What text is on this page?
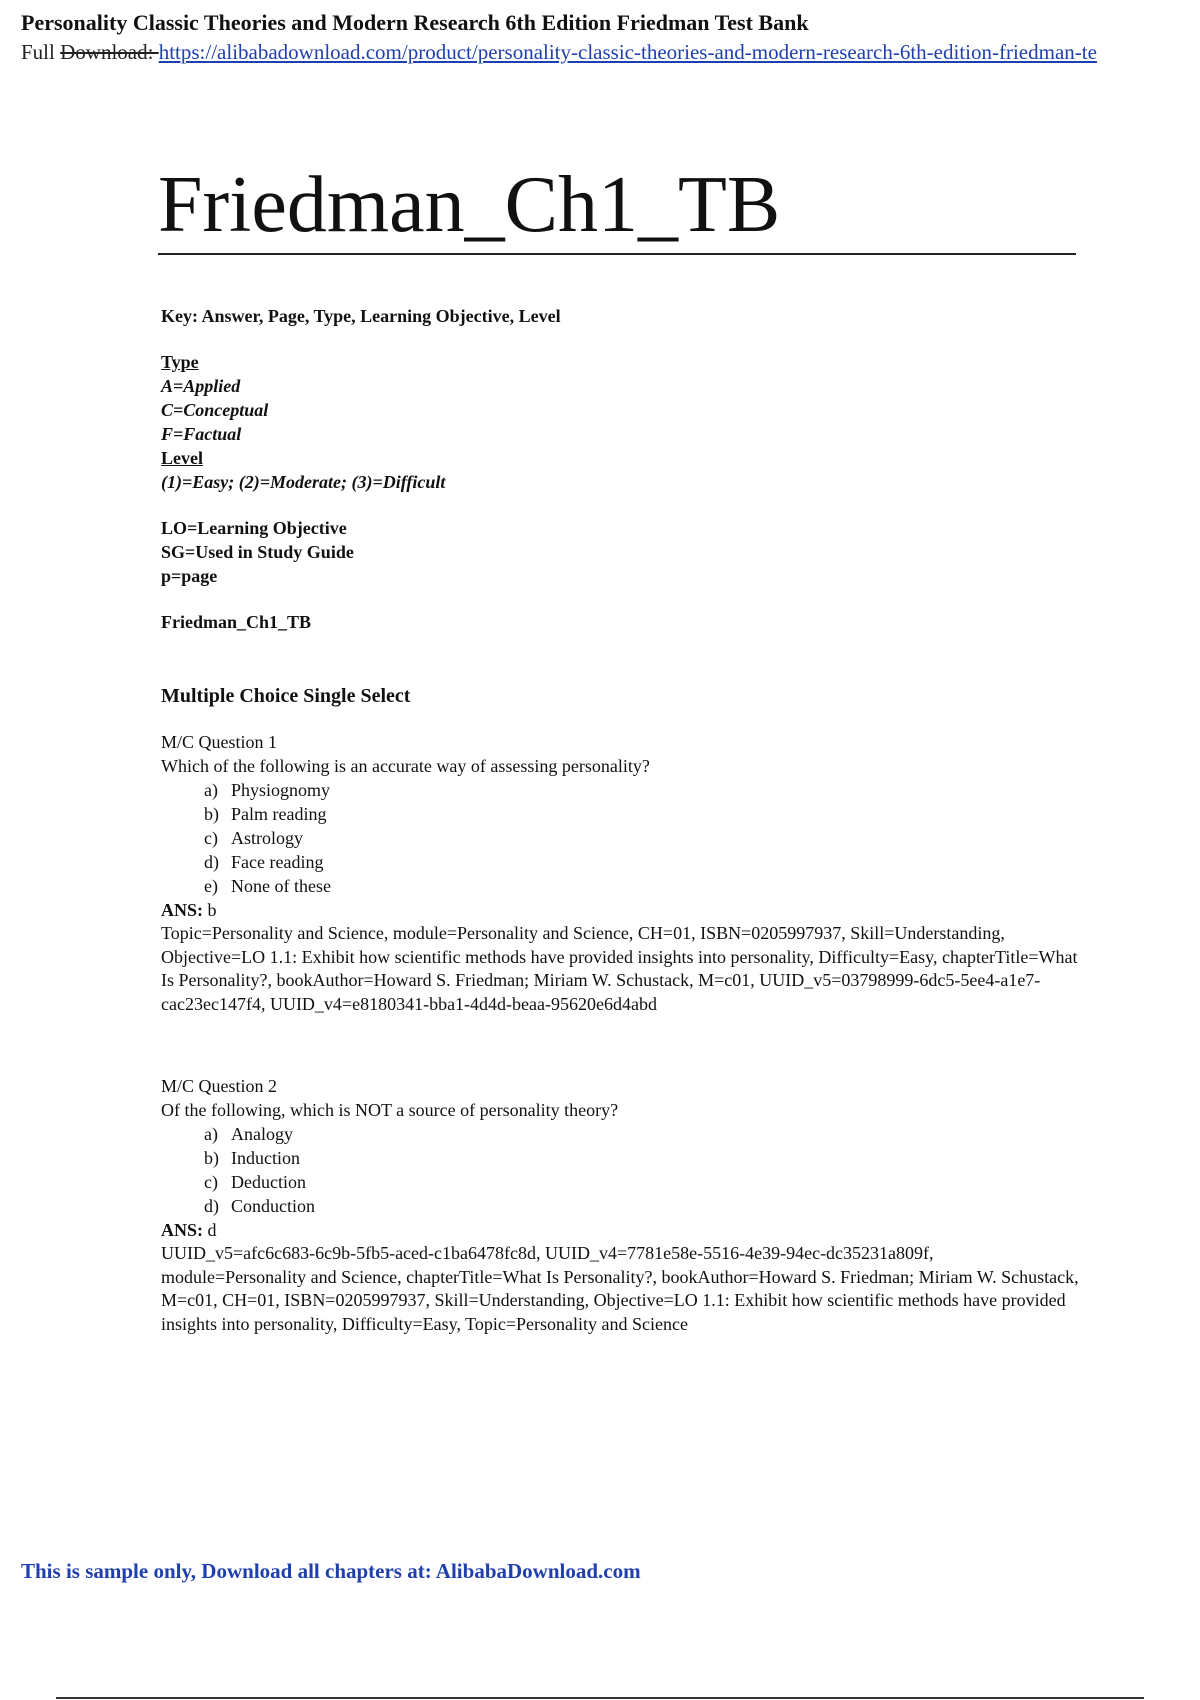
Personality Classic Theories and Modern Research 6th Edition Friedman Test Bank
Full Download: https://alibabadownload.com/product/personality-classic-theories-and-modern-research-6th-edition-friedman-te
Friedman_Ch1_TB
Key: Answer, Page, Type, Learning Objective, Level
Type
A=Applied
C=Conceptual
F=Factual
Level
(1)=Easy; (2)=Moderate; (3)=Difficult
LO=Learning Objective
SG=Used in Study Guide
p=page
Friedman_Ch1_TB
Multiple Choice Single Select
M/C Question 1
Which of the following is an accurate way of assessing personality?
a) Physiognomy
b) Palm reading
c) Astrology
d) Face reading
e) None of these
ANS: b
Topic=Personality and Science, module=Personality and Science, CH=01, ISBN=0205997937, Skill=Understanding, Objective=LO 1.1: Exhibit how scientific methods have provided insights into personality, Difficulty=Easy, chapterTitle=What Is Personality?, bookAuthor=Howard S. Friedman; Miriam W. Schustack, M=c01, UUID_v5=03798999-6dc5-5ee4-a1e7-cac23ec147f4, UUID_v4=e8180341-bba1-4d4d-beaa-95620e6d4abd
M/C Question 2
Of the following, which is NOT a source of personality theory?
a) Analogy
b) Induction
c) Deduction
d) Conduction
ANS: d
UUID_v5=afc6c683-6c9b-5fb5-aced-c1ba6478fc8d, UUID_v4=7781e58e-5516-4e39-94ec-dc35231a809f, module=Personality and Science, chapterTitle=What Is Personality?, bookAuthor=Howard S. Friedman; Miriam W. Schustack, M=c01, CH=01, ISBN=0205997937, Skill=Understanding, Objective=LO 1.1: Exhibit how scientific methods have provided insights into personality, Difficulty=Easy, Topic=Personality and Science
This is sample only, Download all chapters at: AlibabaDownload.com
